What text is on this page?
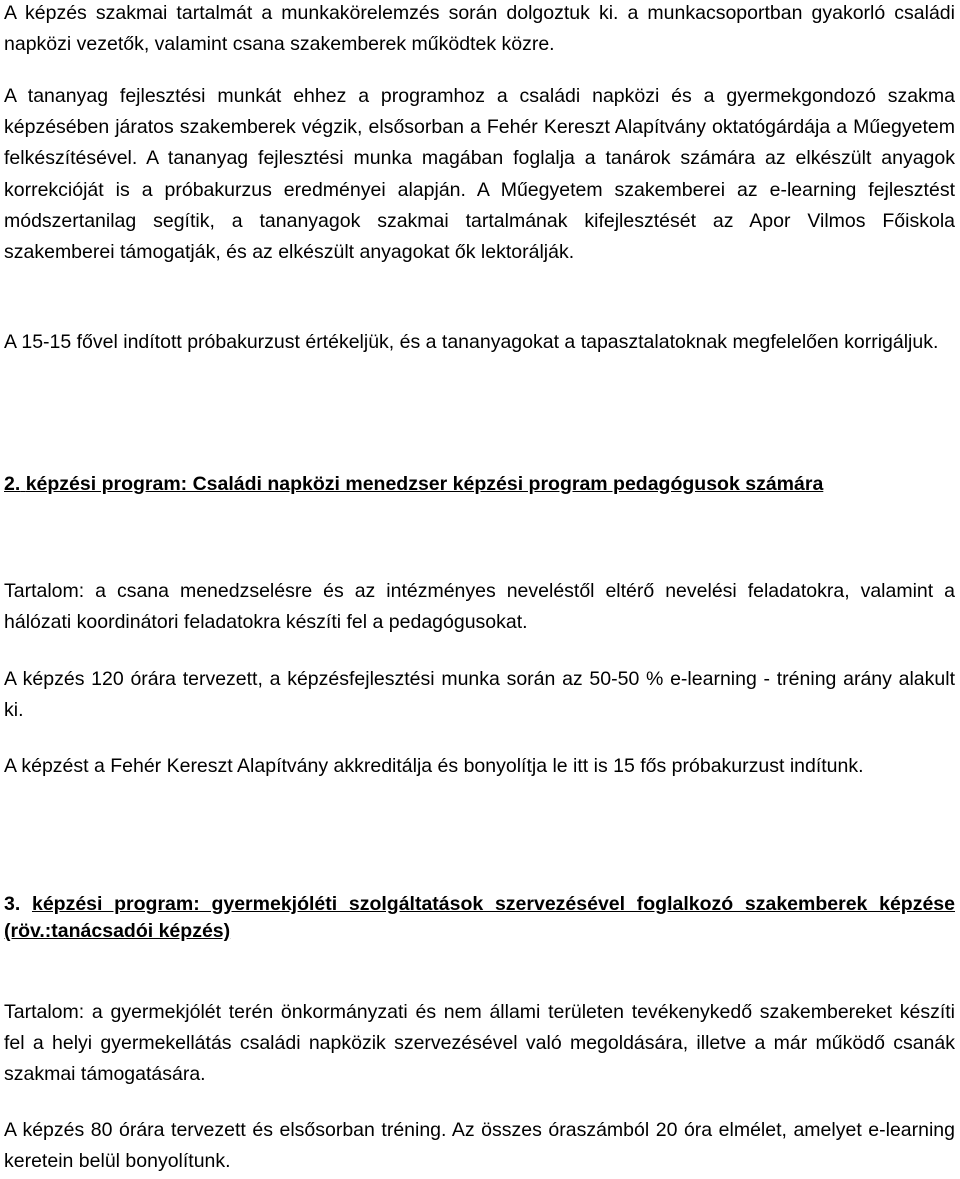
A képzés szakmai tartalmát a munkakörelemzés során dolgoztuk ki. a munkacsoportban gyakorló családi napközi vezetők, valamint csana szakemberek működtek közre.

A tananyag fejlesztési munkát ehhez a programhoz a családi napközi és a gyermekgondozó szakma képzésében járatos szakemberek végzik, elsősorban a Fehér Kereszt Alapítvány oktatógárdája a Műegyetem felkészítésével. A tananyag fejlesztési munka magában foglalja a tanárok számára az elkészült anyagok korrekcióját is a próbakurzus eredményei alapján. A Műegyetem szakemberei az e-learning fejlesztést módszertanilag segítik, a tananyagok szakmai tartalmának kifejlesztését az Apor Vilmos Főiskola szakemberei támogatják, és az elkészült anyagokat ők lektorálják.

A 15-15 fővel indított próbakurzust értékeljük, és a tananyagokat a tapasztalatoknak megfelelően korrigáljuk.

2. képzési program: Családi napközi menedzser képzési program pedagógusok számára

Tartalom: a csana menedzselésre és az intézményes neveléstől eltérő nevelési feladatokra, valamint a hálózati koordinátori feladatokra készíti fel a pedagógusokat.

A képzés 120 órára tervezett, a képzésfejlesztési munka során az 50-50 % e-learning - tréning arány alakult ki.

A képzést a Fehér Kereszt Alapítvány akkreditálja és bonyolítja le itt is 15 fős próbakurzust indítunk.

3. képzési program: gyermekjóléti szolgáltatások szervezésével foglalkozó szakemberek képzése (röv.:tanácsadói képzés)

Tartalom: a gyermekjólét terén önkormányzati és nem állami területen tevékenykedő szakembereket készíti fel a helyi gyermekellátás családi napközik szervezésével való megoldására, illetve a már működő csanák szakmai támogatására.

A képzés 80 órára tervezett és elsősorban tréning. Az összes óraszámból 20 óra elmélet, amelyet e-learning keretein belül bonyolítunk.
